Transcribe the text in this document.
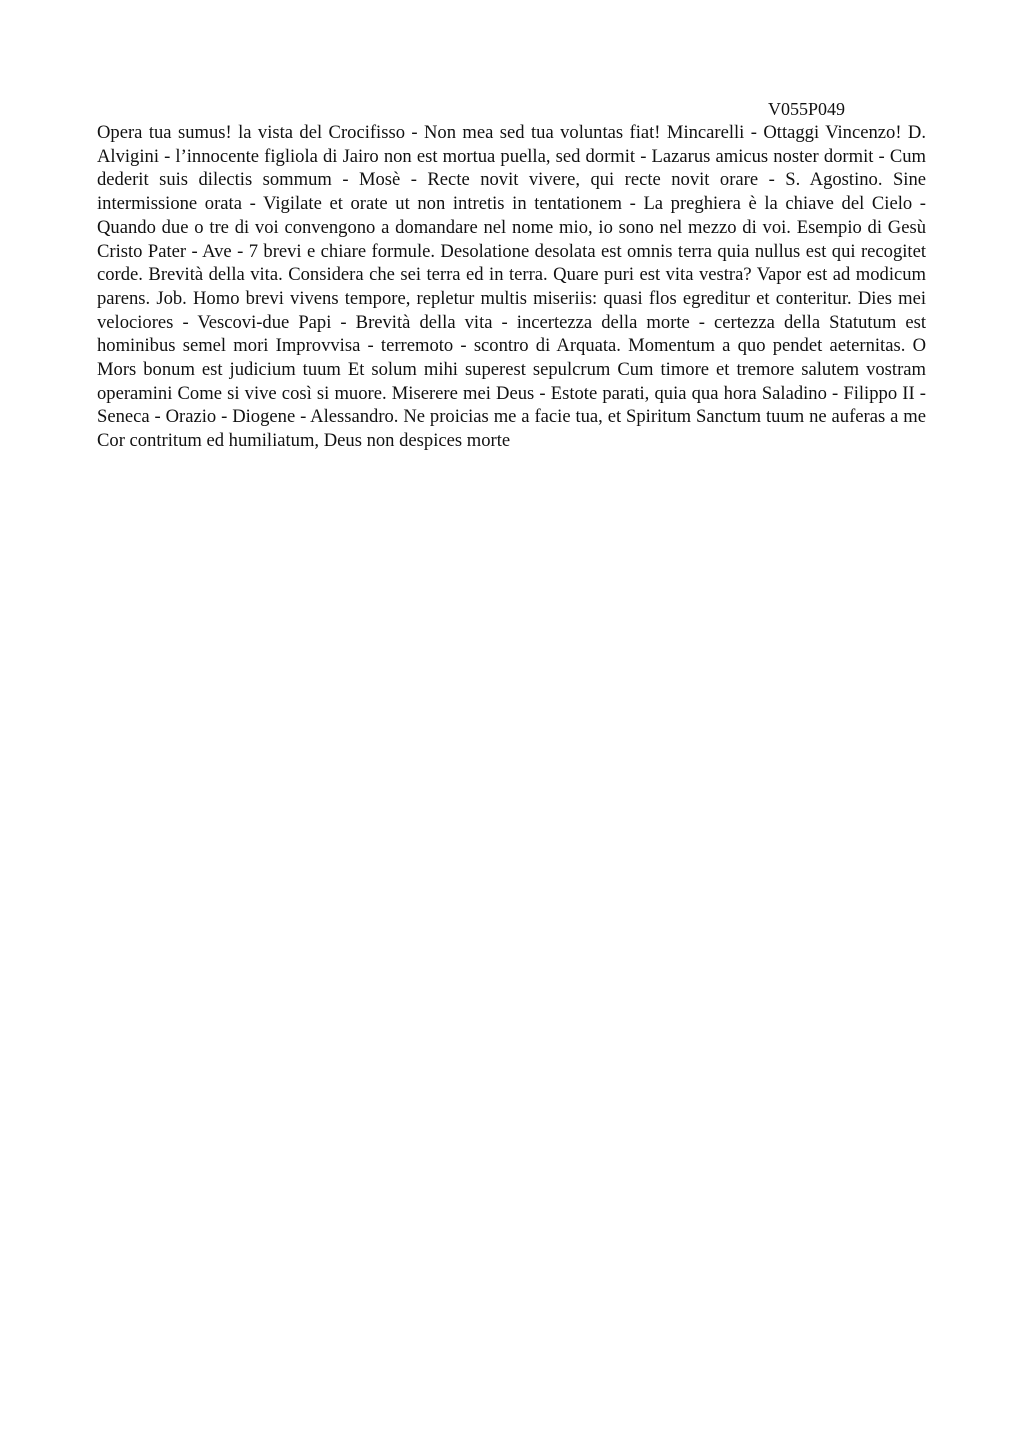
V055P049

Opera tua sumus! la vista del Crocifisso - Non mea sed tua voluntas fiat! Mincarelli - Ottaggi Vincenzo! D. Alvigini - l’innocente figliola di Jairo non est mortua puella, sed dormit - Lazarus amicus noster dormit - Cum dederit suis dilectis sommum - Mosè - Recte novit vivere, qui recte novit orare - S. Agostino. Sine intermissione orata - Vigilate et orate ut non intretis in tentationem - La preghiera è la chiave del Cielo - Quando due o tre di voi convengono a domandare nel nome mio, io sono nel mezzo di voi. Esempio di Gesù Cristo Pater - Ave - 7 brevi e chiare formule. Desolatione desolata est omnis terra quia nullus est qui recogitet corde. Brevità della vita. Considera che sei terra ed in terra. Quare puri est vita vestra? Vapor est ad modicum parens. Job. Homo brevi vivens tempore, repletur multis miseriis: quasi flos egreditur et conteritur. Dies mei velociores - Vescovi-due Papi - Brevità della vita - incertezza della morte - certezza della Statutum est hominibus semel mori Improvvisa - terremoto - scontro di Arquata. Momentum a quo pendet aeternitas. O Mors bonum est judicium tuum Et solum mihi superest sepulcrum Cum timore et tremore salutem vostram operamini Come si vive così si muore. Miserere mei Deus - Estote parati, quia qua hora Saladino - Filippo II - Seneca - Orazio - Diogene - Alessandro. Ne proicias me a facie tua, et Spiritum Sanctum tuum ne auferas a me Cor contritum ed humiliatum, Deus non despices morte
